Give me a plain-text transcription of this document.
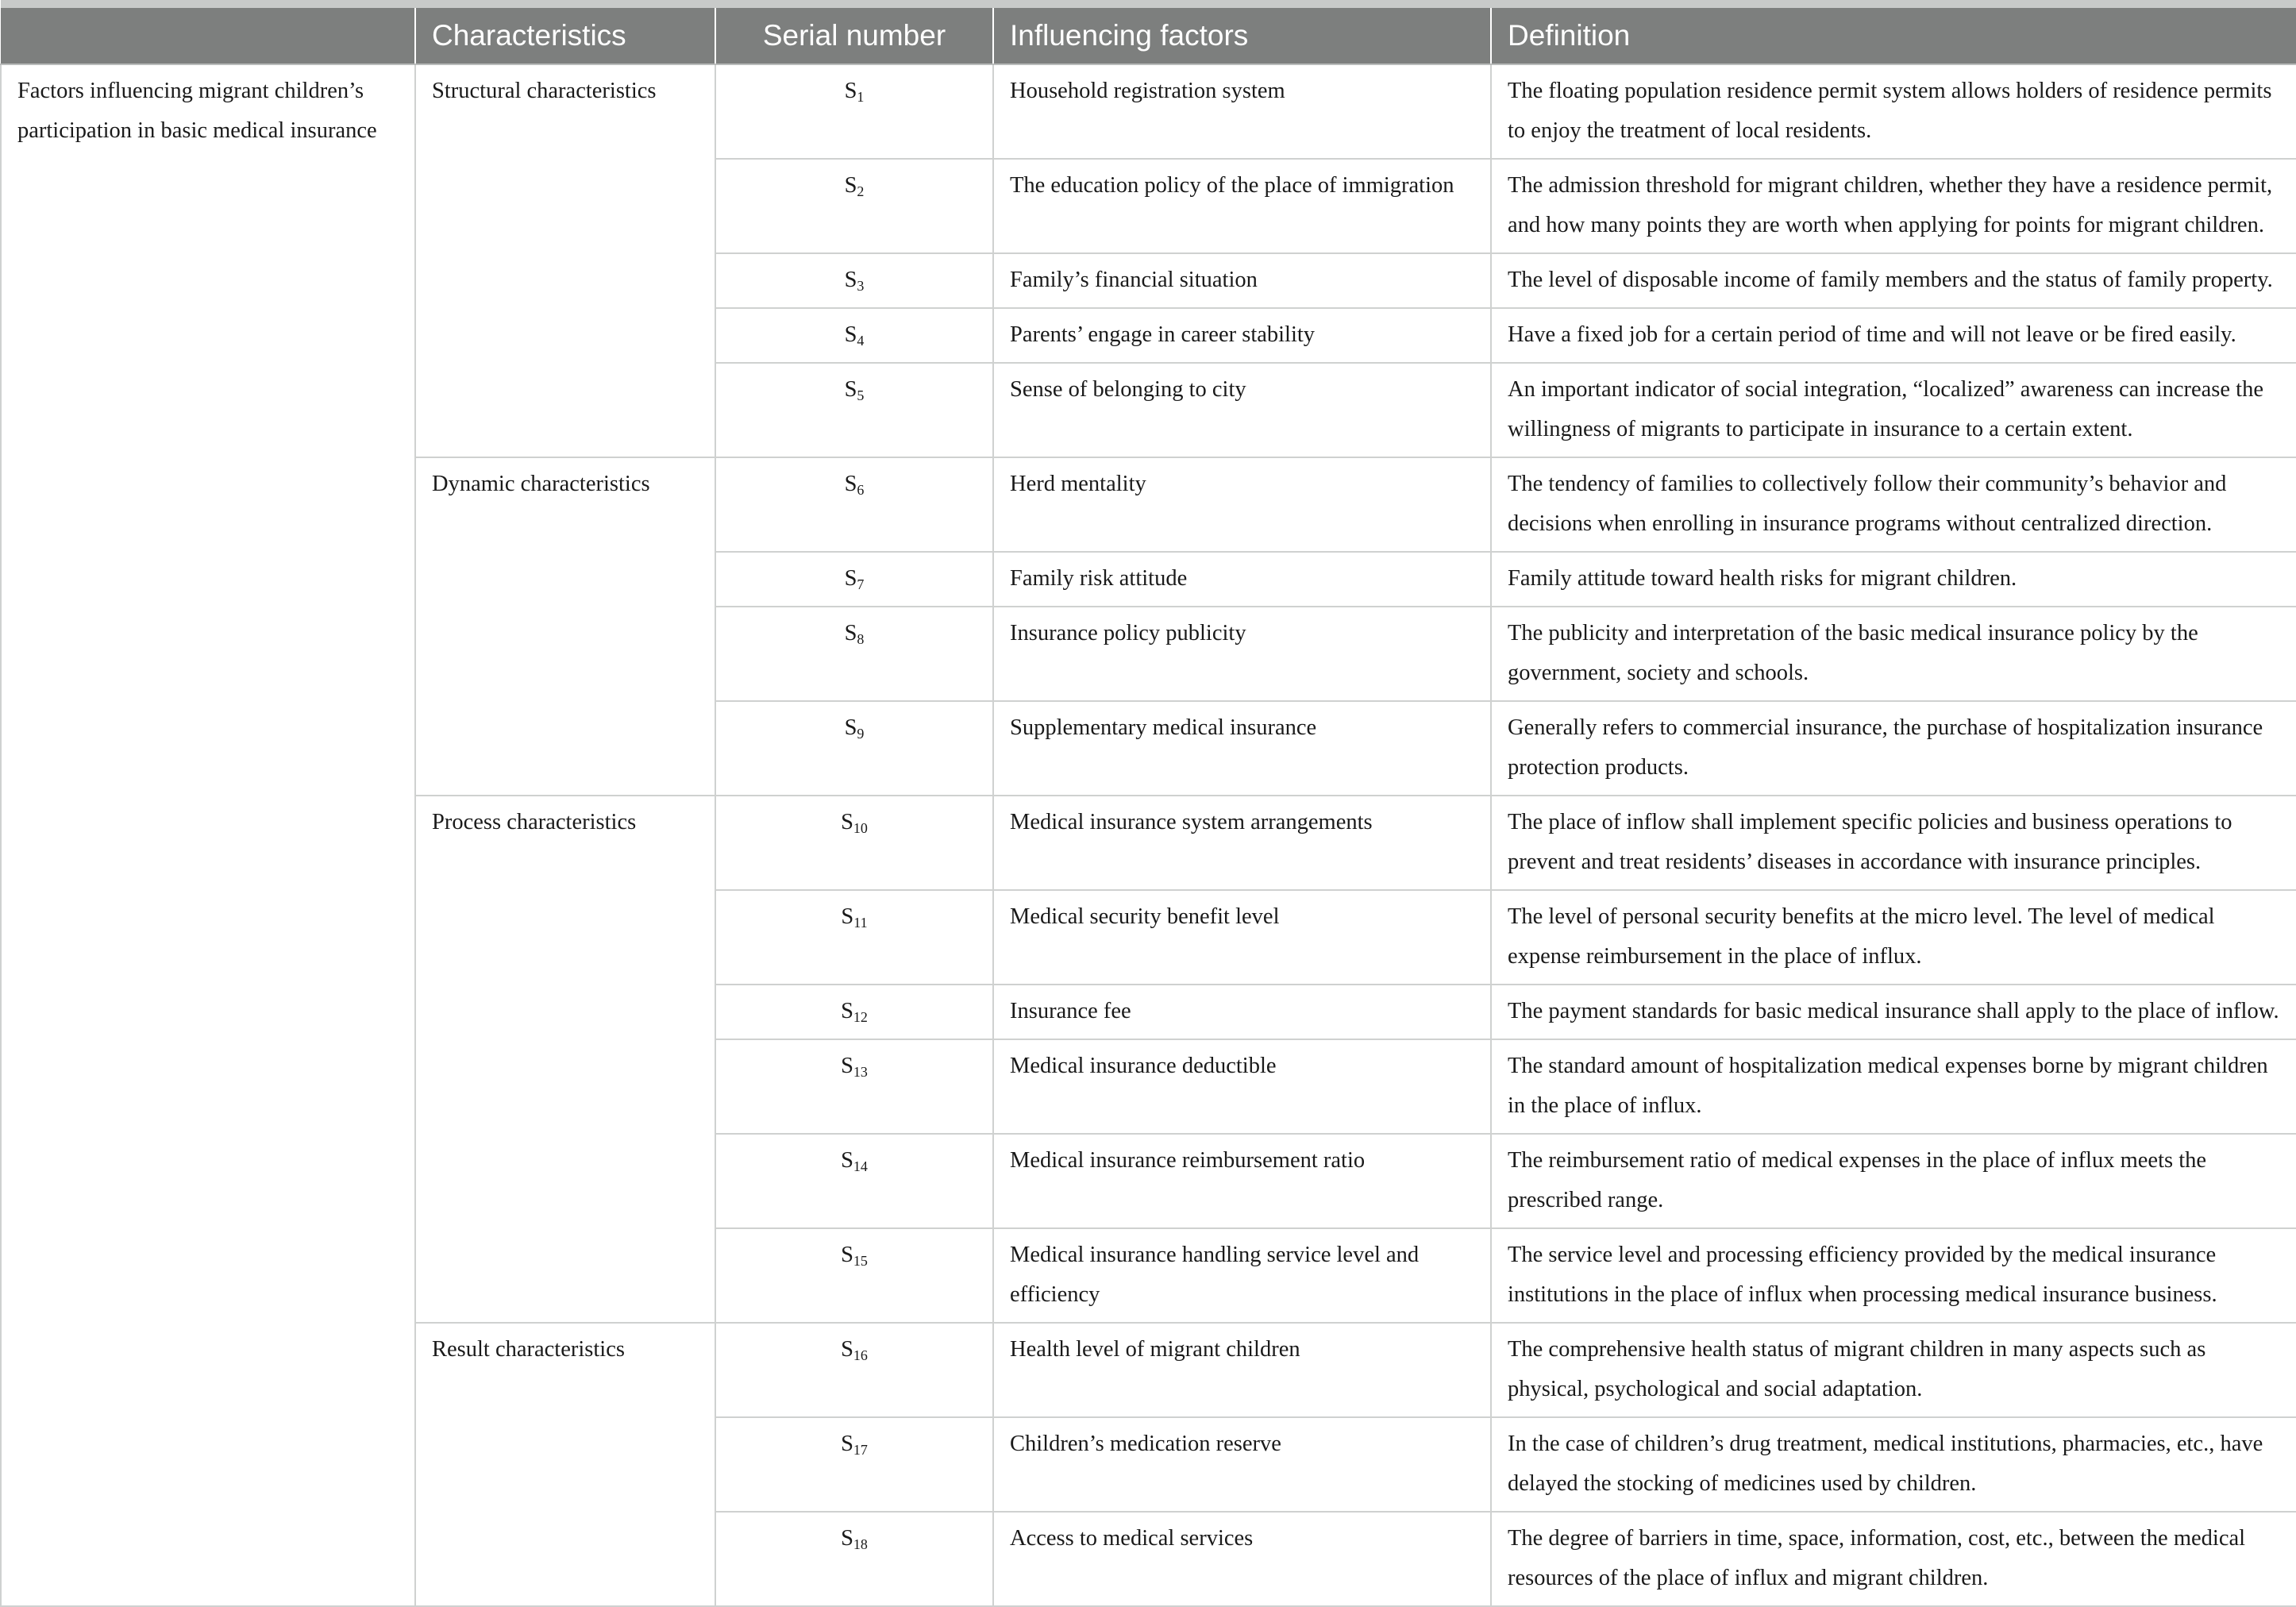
	Characteristics	Serial number	Influencing factors	Definition
Factors influencing migrant children’s participation in basic medical insurance	Structural characteristics	$S_1$	Household registration system	The floating population residence permit system allows holders of residence permits to enjoy the treatment of local residents.
		$S_2$	The education policy of the place of immigration	The admission threshold for migrant children, whether they have a residence permit, and how many points they are worth when applying for points for migrant children.
		$S_3$	Family’s financial situation	The level of disposable income of family members and the status of family property.
		$S_4$	Parents’ engage in career stability	Have a fixed job for a certain period of time and will not leave or be fired easily.
		$S_5$	Sense of belonging to city	An important indicator of social integration, “localized” awareness can increase the willingness of migrants to participate in insurance to a certain extent.
	Dynamic characteristics	$S_6$	Herd mentality	The tendency of families to collectively follow their community’s behavior and decisions when enrolling in insurance programs without centralized direction.
		$S_7$	Family risk attitude	Family attitude toward health risks for migrant children.
		$S_8$	Insurance policy publicity	The publicity and interpretation of the basic medical insurance policy by the government, society and schools.
		$S_9$	Supplementary medical insurance	Generally refers to commercial insurance, the purchase of hospitalization insurance protection products.
	Process characteristics	$S_{10}$	Medical insurance system arrangements	The place of inflow shall implement specific policies and business operations to prevent and treat residents’ diseases in accordance with insurance principles.
		$S_{11}$	Medical security benefit level	The level of personal security benefits at the micro level. The level of medical expense reimbursement in the place of influx.
		$S_{12}$	Insurance fee	The payment standards for basic medical insurance shall apply to the place of inflow.
		$S_{13}$	Medical insurance deductible	The standard amount of hospitalization medical expenses borne by migrant children in the place of influx.
		$S_{14}$	Medical insurance reimbursement ratio	The reimbursement ratio of medical expenses in the place of influx meets the prescribed range.
		$S_{15}$	Medical insurance handling service level and efficiency	The service level and processing efficiency provided by the medical insurance institutions in the place of influx when processing medical insurance business.
	Result characteristics	$S_{16}$	Health level of migrant children	The comprehensive health status of migrant children in many aspects such as physical, psychological and social adaptation.
		$S_{17}$	Children’s medication reserve	In the case of children’s drug treatment, medical institutions, pharmacies, etc., have delayed the stocking of medicines used by children.
		$S_{18}$	Access to medical services	The degree of barriers in time, space, information, cost, etc., between the medical resources of the place of influx and migrant children.
